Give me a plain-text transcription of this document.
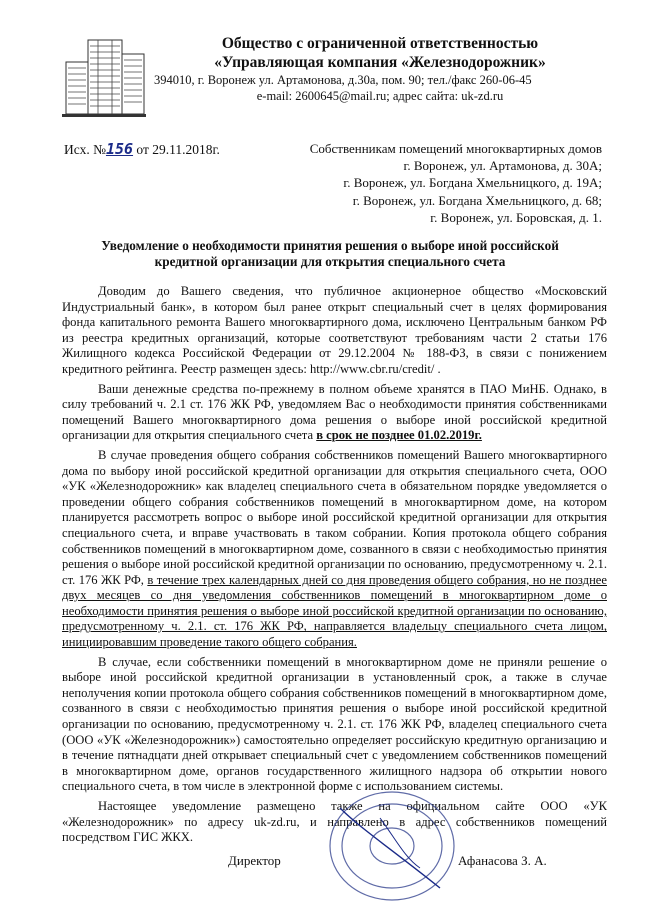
Общество с ограниченной ответственностью
«Управляющая компания «Железнодорожник»
394010, г. Воронеж ул. Артамонова, д.30а, пом. 90; тел./факс 260-06-45
e-mail: 2600645@mail.ru; адрес сайта: uk-zd.ru
Исх. №156 от 29.11.2018г.	Собственникам помещений многоквартирных домов
г. Воронеж, ул. Артамонова, д. 30А;
г. Воронеж, ул. Богдана Хмельницкого, д. 19А;
г. Воронеж, ул. Богдана Хмельницкого, д. 68;
г. Воронеж, ул. Боровская, д. 1.
Уведомление о необходимости принятия решения о выборе иной российской кредитной организации для открытия специального счета

Доводим до Вашего сведения, что публичное акционерное общество «Московский Индустриальный банк», в котором был ранее открыт специальный счет в целях формирования фонда капитального ремонта Вашего многоквартирного дома, исключено Центральным банком РФ из реестра кредитных организаций, которые соответствуют требованиям части 2 статьи 176 Жилищного кодекса Российской Федерации от 29.12.2004 № 188-ФЗ, в связи с понижением кредитного рейтинга. Реестр размещен здесь: http://www.cbr.ru/credit/ .

Ваши денежные средства по-прежнему в полном объеме хранятся в ПАО МиНБ. Однако, в силу требований ч. 2.1 ст. 176 ЖК РФ, уведомляем Вас о необходимости принятия собственниками помещений Вашего многоквартирного дома решения о выборе иной российской кредитной организации для открытия специального счета в срок не позднее 01.02.2019г.

В случае проведения общего собрания собственников помещений Вашего многоквартирного дома по выбору иной российской кредитной организации для открытия специального счета, ООО «УК «Железнодорожник» как владелец специального счета в обязательном порядке уведомляется о проведении общего собрания собственников помещений в многоквартирном доме, на котором планируется рассмотреть вопрос о выборе иной российской кредитной организации для открытия специального счета, и вправе участвовать в таком собрании. Копия протокола общего собрания собственников помещений в многоквартирном доме, созванного в связи с необходимостью принятия решения о выборе иной российской кредитной организации по основанию, предусмотренному ч. 2.1. ст. 176 ЖК РФ, в течение трех календарных дней со дня проведения общего собрания, но не позднее двух месяцев со дня уведомления собственников помещений в многоквартирном доме о необходимости принятия решения о выборе иной российской кредитной организации по основанию, предусмотренному ч. 2.1. ст. 176 ЖК РФ, направляется владельцу специального счета лицом, инициировавшим проведение такого общего собрания.

В случае, если собственники помещений в многоквартирном доме не приняли решение о выборе иной российской кредитной организации в установленный срок, а также в случае неполучения копии протокола общего собрания собственников помещений в многоквартирном доме, созванного в связи с необходимостью принятия решения о выборе иной российской кредитной организации по основанию, предусмотренному ч. 2.1. ст. 176 ЖК РФ, владелец специального счета (ООО «УК «Железнодорожник») самостоятельно определяет российскую кредитную организацию и в течение пятнадцати дней открывает специальный счет с уведомлением собственников помещений в многоквартирном доме, органов государственного жилищного надзора об открытии нового специального счета, в том числе в электронной форме с использованием системы.

Настоящее уведомление размещено также на официальном сайте ООО «УК «Железнодорожник» по адресу uk-zd.ru, и направлено в адрес собственников помещений посредством ГИС ЖКХ.

Директор	Афанасова З. А.
